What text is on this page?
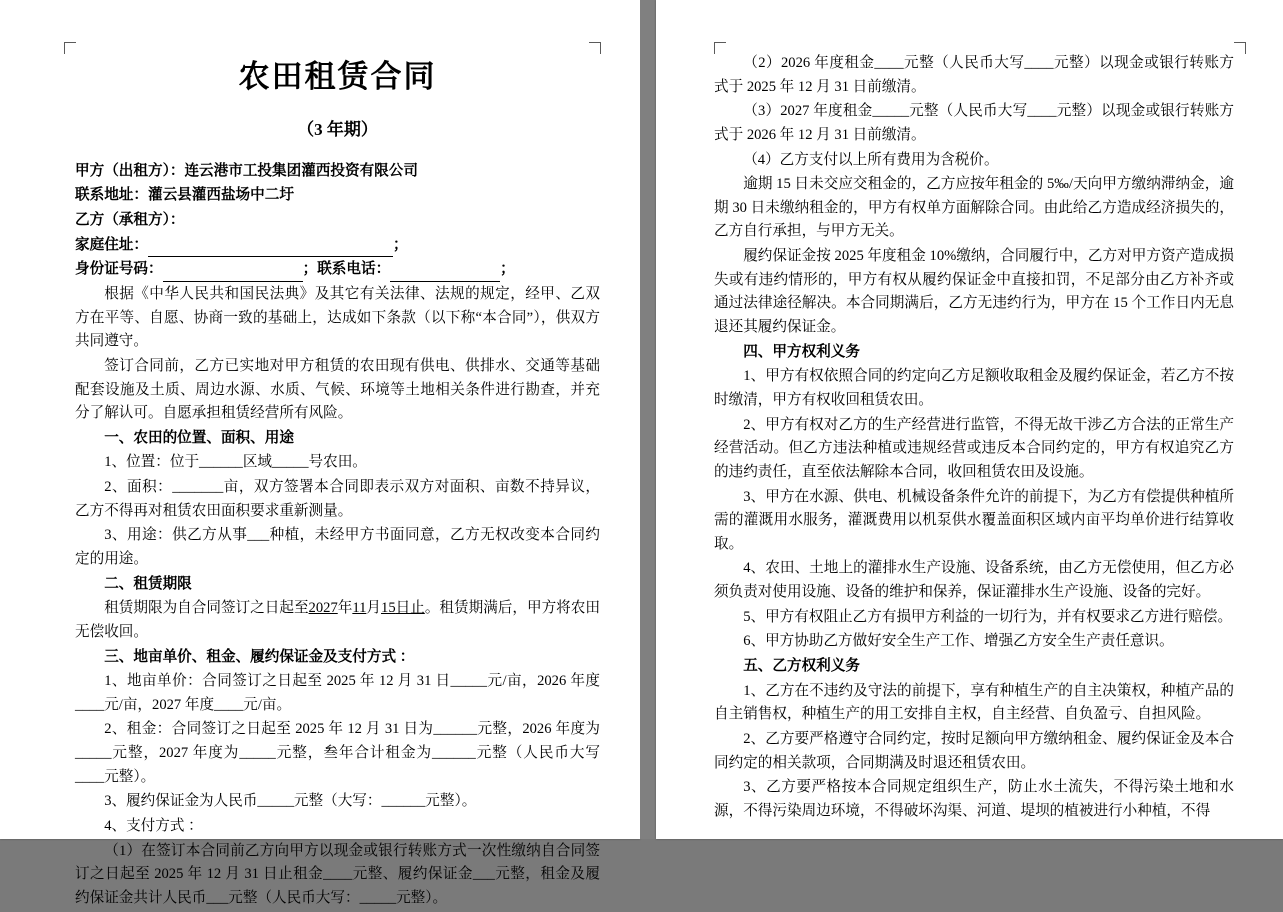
农田租赁合同
（3 年期）

甲方（出租方）：连云港市工投集团灌西投资有限公司

联系地址：灌云县灌西盐场中二圩

乙方（承租方）：

家庭住址：	；

身份证号码：	；联系电话：	；

根据《中华人民共和国民法典》及其它有关法律、法规的规定，经甲、乙双方在平等、自愿、协商一致的基础上，达成如下条款（以下称“本合同”），供双方共同遵守。

签订合同前，乙方已实地对甲方租赁的农田现有供电、供排水、交通等基础配套设施及土质、周边水源、水质、气候、环境等土地相关条件进行勘查，并充分了解认可。自愿承担租赁经营所有风险。

一、农田的位置、面积、用途

1、位置：位于______区域_____号农田。

2、面积：_______亩，双方签署本合同即表示双方对面积、亩数不持异议，乙方不得再对租赁农田面积要求重新测量。

3、用途：供乙方从事___种植，未经甲方书面同意，乙方无权改变本合同约定的用途。

二、租赁期限

租赁期限为自合同签订之日起至2027年11月15日止。租赁期满后，甲方将农田无偿收回。

三、地亩单价、租金、履约保证金及支付方式 ：

1、地亩单价：合同签订之日起至 2025 年 12 月 31 日_____元/亩，2026 年度____元/亩，2027 年度____元/亩。

2、租金：合同签订之日起至 2025 年 12 月 31 日为______元整，2026 年度为_____元整，2027 年度为_____元整，叁年合计租金为______元整（人民币大写____元整）。

3、履约保证金为人民币_____元整（大写：______元整）。

4、支付方式 ：

（1）在签订本合同前乙方向甲方以现金或银行转账方式一次性缴纳自合同签订之日起至 2025 年 12 月 31 日止租金____元整、履约保证金___元整，租金及履约保证金共计人民币___元整（人民币大写：_____元整）。

（2）2026 年度租金____元整（人民币大写____元整）以现金或银行转账方式于 2025 年 12 月 31 日前缴清。

（3）2027 年度租金_____元整（人民币大写____元整）以现金或银行转账方式于 2026 年 12 月 31 日前缴清。

（4）乙方支付以上所有费用为含税价。

逾期 15 日未交应交租金的，乙方应按年租金的 5‰/天向甲方缴纳滞纳金，逾期 30 日未缴纳租金的，甲方有权单方面解除合同。由此给乙方造成经济损失的，乙方自行承担，与甲方无关。

履约保证金按 2025 年度租金 10%缴纳，合同履行中，乙方对甲方资产造成损失或有违约情形的，甲方有权从履约保证金中直接扣罚，不足部分由乙方补齐或通过法律途径解决。本合同期满后，乙方无违约行为，甲方在 15 个工作日内无息退还其履约保证金。

四、甲方权利义务

1、甲方有权依照合同的约定向乙方足额收取租金及履约保证金，若乙方不按时缴清，甲方有权收回租赁农田。

2、甲方有权对乙方的生产经营进行监管，不得无故干涉乙方合法的正常生产经营活动。但乙方违法种植或违规经营或违反本合同约定的，甲方有权追究乙方的违约责任，直至依法解除本合同，收回租赁农田及设施。

3、甲方在水源、供电、机械设备条件允许的前提下，为乙方有偿提供种植所需的灌溉用水服务，灌溉费用以机泵供水覆盖面积区域内亩平均单价进行结算收取。

4、农田、土地上的灌排水生产设施、设备系统，由乙方无偿使用，但乙方必须负责对使用设施、设备的维护和保养，保证灌排水生产设施、设备的完好。

5、甲方有权阻止乙方有损甲方利益的一切行为，并有权要求乙方进行赔偿。

6、甲方协助乙方做好安全生产工作、增强乙方安全生产责任意识。

五、乙方权利义务

1、乙方在不违约及守法的前提下，享有种植生产的自主决策权，种植产品的自主销售权，种植生产的用工安排自主权，自主经营、自负盈亏、自担风险。

2、乙方要严格遵守合同约定，按时足额向甲方缴纳租金、履约保证金及本合同约定的相关款项，合同期满及时退还租赁农田。

3、乙方要严格按本合同规定组织生产，防止水土流失，不得污染土地和水源，不得污染周边环境，不得破坏沟渠、河道、堤坝的植被进行小种植，不得
